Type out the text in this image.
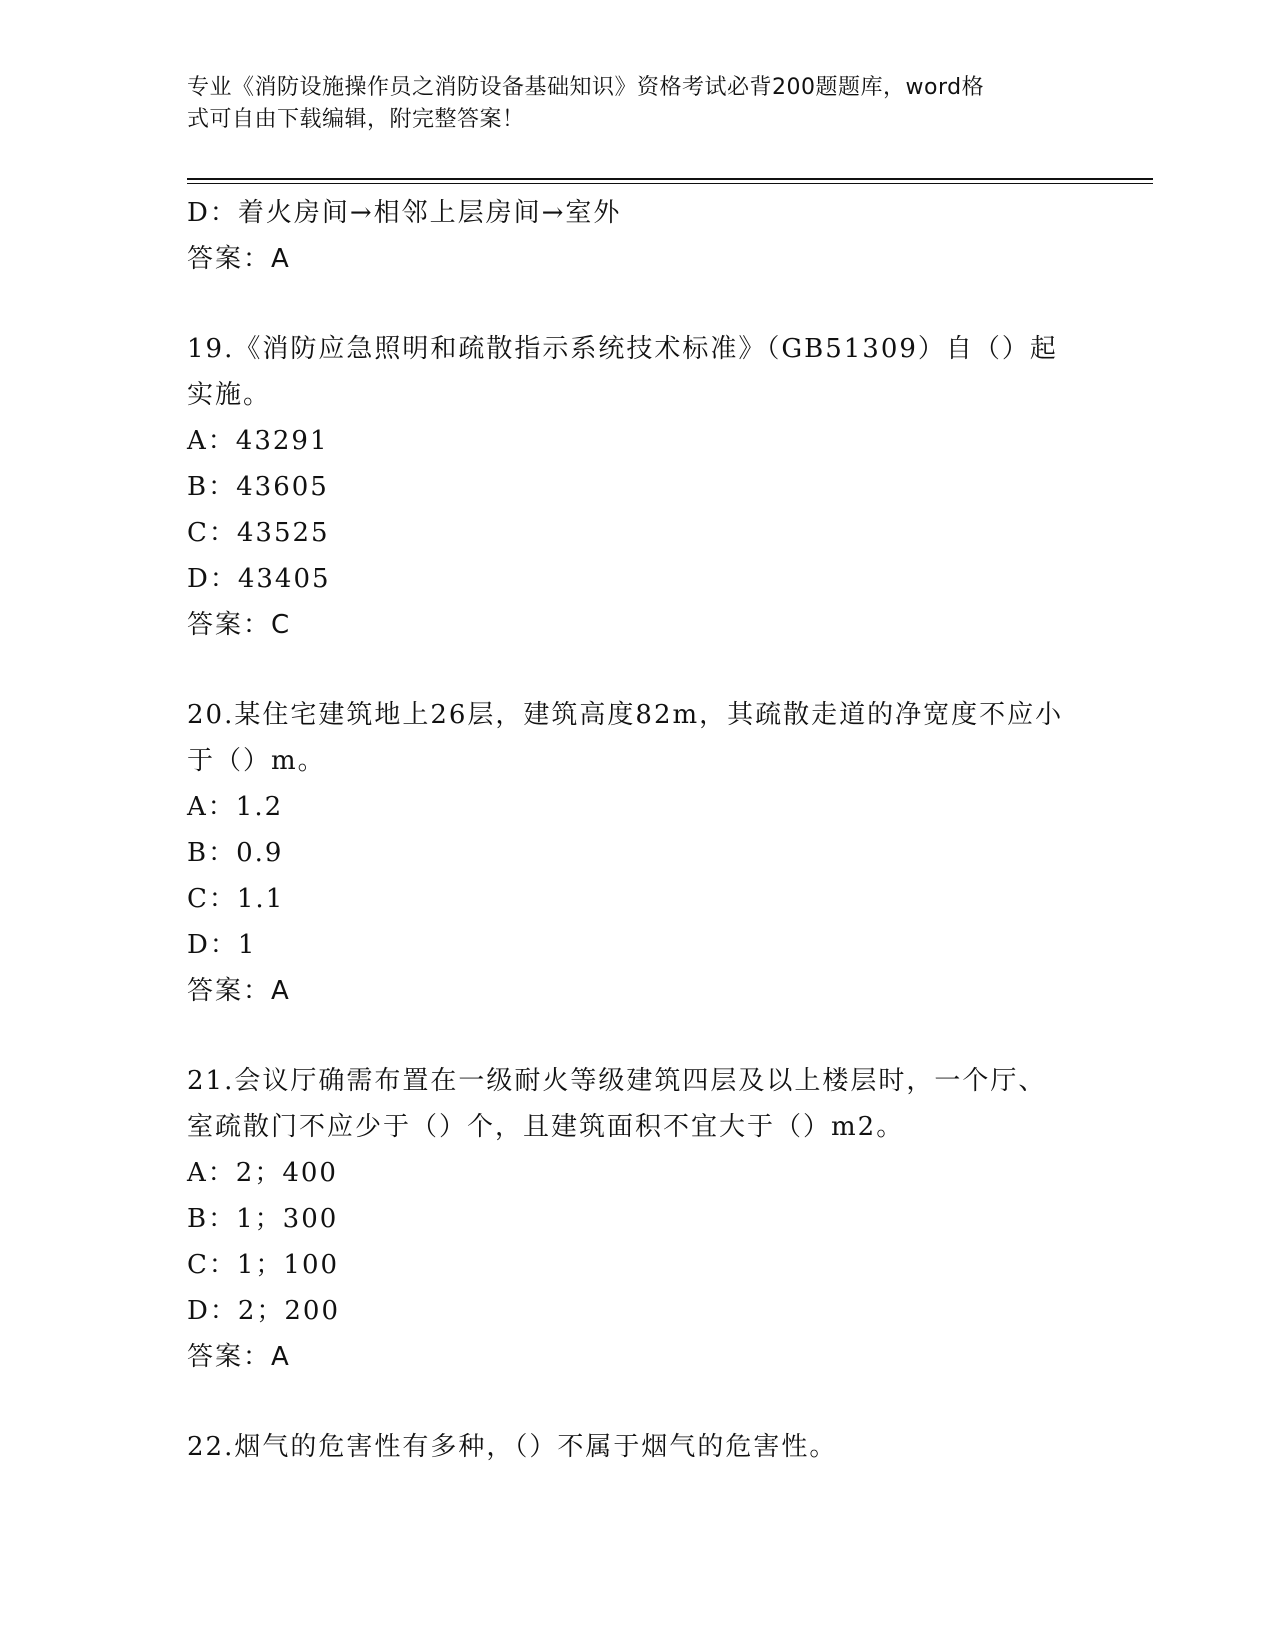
专业《消防设施操作员之消防设备基础知识》资格考试必背200题题库，word格
式可自由下载编辑，附完整答案！
D：着火房间→相邻上层房间→室外
答案：A
19.《消防应急照明和疏散指示系统技术标准》（GB51309）自（）起
实施。
A：43291
B：43605
C：43525
D：43405
答案：C
20.某住宅建筑地上26层，建筑高度82m，其疏散走道的净宽度不应小
于（）m。
A：1.2
B：0.9
C：1.1
D：1
答案：A
21.会议厅确需布置在一级耐火等级建筑四层及以上楼层时，一个厅、
室疏散门不应少于（）个，且建筑面积不宜大于（）m2。
A：2；400
B：1；300
C：1；100
D：2；200
答案：A
22.烟气的危害性有多种，（）不属于烟气的危害性。
